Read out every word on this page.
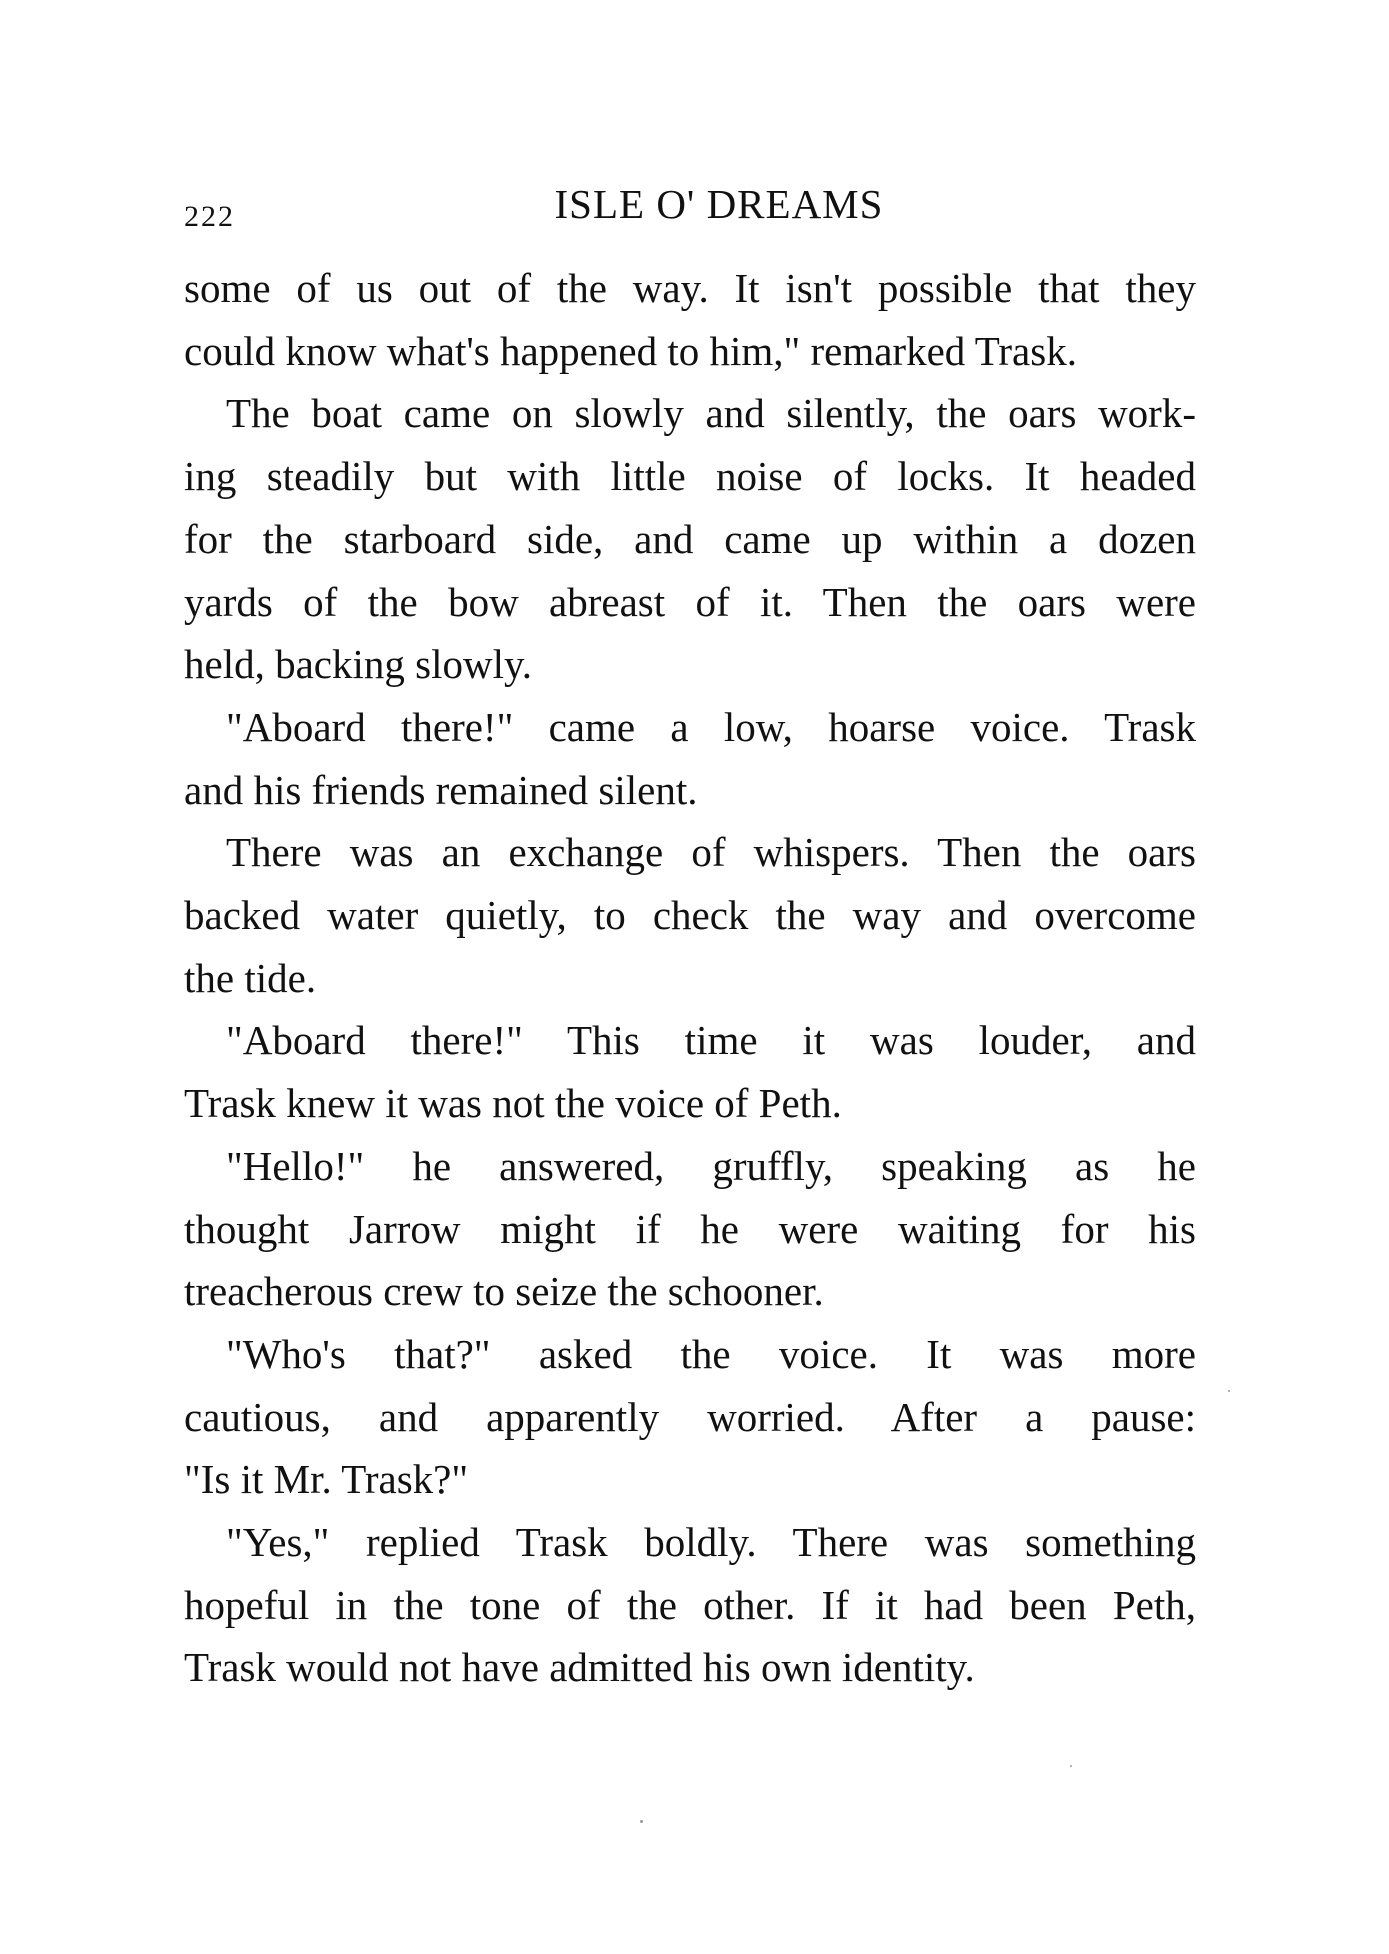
222	ISLE O' DREAMS

some of us out of the way. It isn't possible that they
could know what's happened to him," remarked Trask.

The boat came on slowly and silently, the oars work-
ing steadily but with little noise of locks. It headed
for the starboard side, and came up within a dozen
yards of the bow abreast of it. Then the oars were
held, backing slowly.

"Aboard there!" came a low, hoarse voice. Trask
and his friends remained silent.

There was an exchange of whispers. Then the oars
backed water quietly, to check the way and overcome
the tide.

"Aboard there!" This time it was louder, and
Trask knew it was not the voice of Peth.

"Hello!" he answered, gruffly, speaking as he
thought Jarrow might if he were waiting for his
treacherous crew to seize the schooner.

"Who's that?" asked the voice. It was more
cautious, and apparently worried. After a pause:
"Is it Mr. Trask?"

"Yes," replied Trask boldly. There was something
hopeful in the tone of the other. If it had been Peth,
Trask would not have admitted his own identity.
